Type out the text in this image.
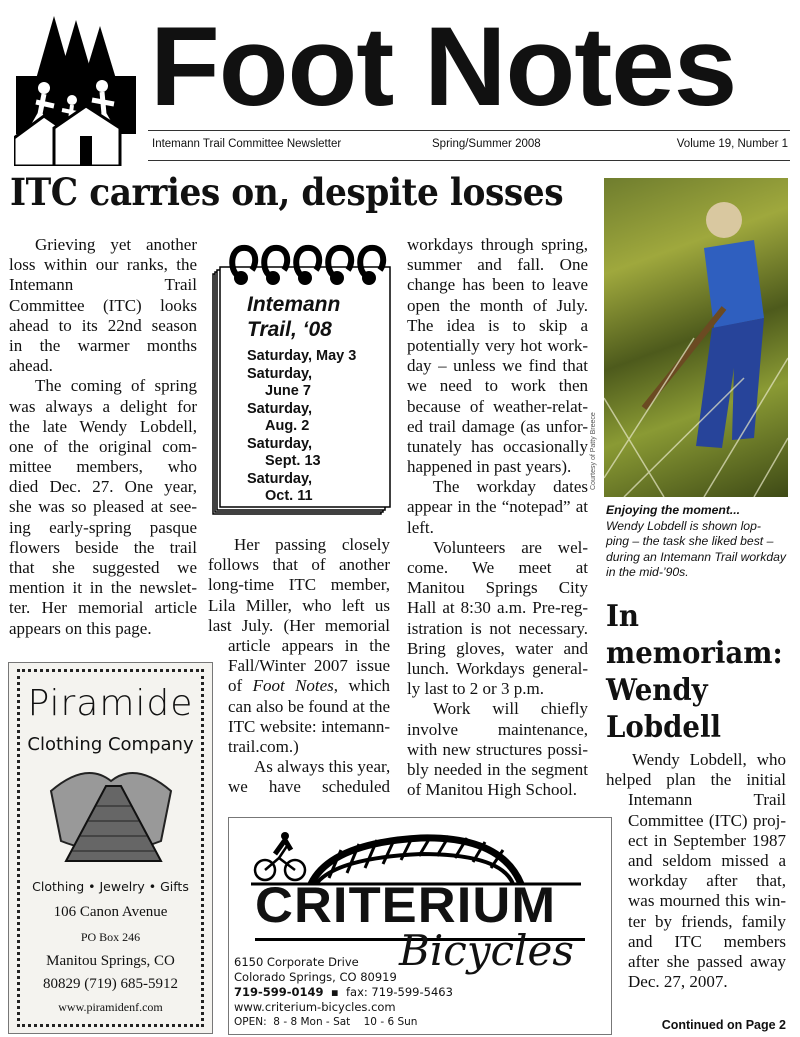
Foot Notes
Intemann Trail Committee Newsletter	Spring/Summer 2008	Volume 19, Number 1
ITC carries on, despite losses
Grieving yet another
loss within our ranks, the
Intemann Trail
Committee (ITC) looks
ahead to its 22nd season
in the warmer months
ahead.
The coming of spring
was always a delight for
the late Wendy Lobdell,
one of the original com-
mittee members, who
died Dec. 27. One year,
she was so pleased at see-
ing early-spring pasque
flowers beside the trail
that she suggested we
mention it in the newslet-
ter. Her memorial article
appears on this page.
Her passing closely
follows that of another
long-time ITC member,
Lila Miller, who left us
last July. (Her memorial
article appears in the
Fall/Winter 2007 issue
of Foot Notes, which
can also be found at the
ITC website: intemann-
trail.com.)
As always this year,
we have scheduled
workdays through spring,
summer and fall. One
change has been to leave
open the month of July.
The idea is to skip a
potentially very hot work-
day – unless we find that
we need to work then
because of weather-relat-
ed trail damage (as unfor-
tunately has occasionally
happened in past years).
The workday dates
appear in the “notepad” at
left.
Volunteers are wel-
come. We meet at
Manitou Springs City
Hall at 8:30 a.m. Pre-reg-
istration is not necessary.
Bring gloves, water and
lunch. Workdays general-
ly last to 2 or 3 p.m.
Work will chiefly
involve maintenance,
with new structures possi-
bly needed in the segment
of Manitou High School.
Intemann
Trail, ‘08
Saturday, May 3
Saturday,
June 7
Saturday,
Aug. 2
Saturday,
Sept. 13
Saturday,
Oct. 11
Courtesy of Patty Breece
Enjoying the moment...
Wendy Lobdell is shown lop- ping – the task she liked best – during an Intemann Trail workday in the mid-’90s.
In
memoriam:
Wendy
Lobdell
Wendy Lobdell, who
helped plan the initial
Intemann Trail
Committee (ITC) proj-
ect in September 1987
and seldom missed a
workday after that,
was mourned this win-
ter by friends, family
and ITC members
after she passed away
Dec. 27, 2007.
Continued on Page 2
Piramide
Clothing Company
Clothing • Jewelry • Gifts
106 Canon Avenue
PO Box 246
Manitou Springs, CO
80829 (719) 685-5912
www.piramidenf.com
CRITERIUM
Bicycles
6150 Corporate Drive
Colorado Springs, CO 80919
719-599-0149  ▪  fax: 719-599-5463
www.criterium-bicycles.com
OPEN:  8 - 8 Mon - Sat    10 - 6 Sun
